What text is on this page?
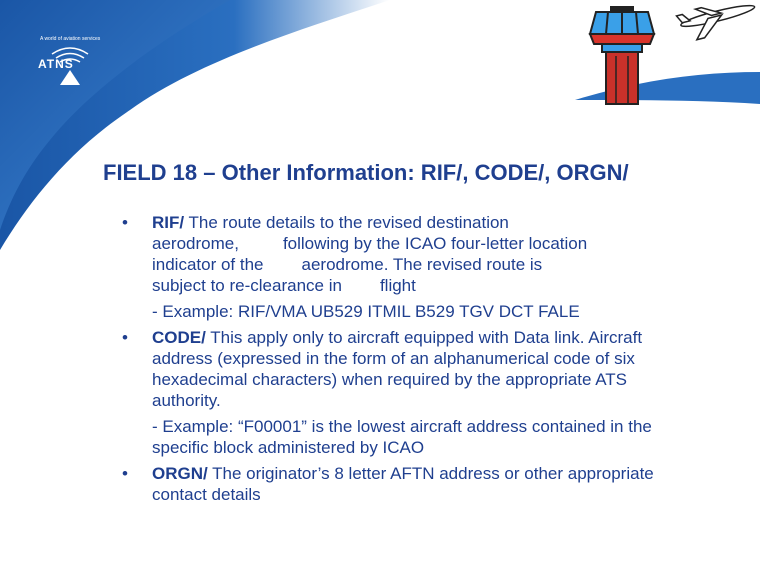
A world of aviation services
ATNS
FIELD 18 – Other Information: RIF/, CODE/, ORGN/
• RIF/ The route details to the revised destination
aerodrome,	following by the ICAO four-letter location
indicator of the aerodrome. The revised route is
subject to re-clearance in flight
- Example: RIF/VMA UB529 ITMIL B529 TGV DCT FALE
• CODE/ This apply only to aircraft equipped with Data link. Aircraft address (expressed in the form of an alphanumerical code of six hexadecimal characters) when required by the appropriate ATS authority.
- Example: “F00001” is the lowest aircraft address contained in the specific block administered by ICAO
• ORGN/ The originator’s 8 letter AFTN address or other appropriate contact details
